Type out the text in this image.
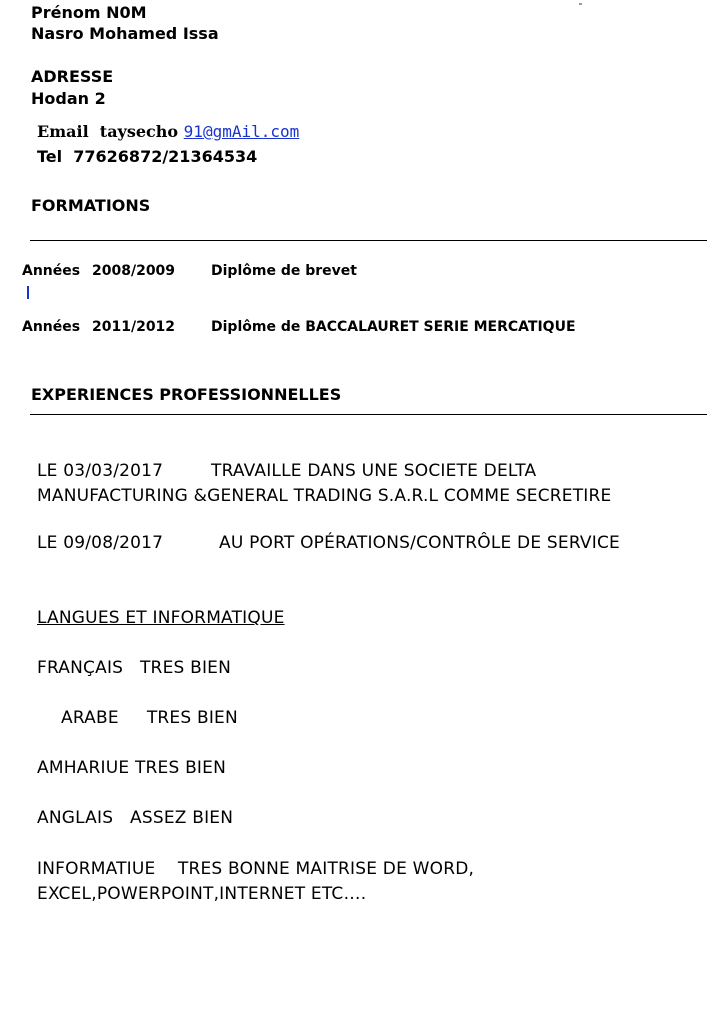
Prénom N0M
Nasro Mohamed Issa
ADRESSE
Hodan 2
Email taysecho 91@gmAil.com
Tel 77626872/21364534
FORMATIONS
Années 2008/2009	Diplôme de brevet
Années 2011/2012	Diplôme de BACCALAURET SERIE MERCATIQUE
EXPERIENCES PROFESSIONNELLES
LE 03/03/2017	TRAVAILLE DANS UNE SOCIETE DELTA
MANUFACTURING &GENERAL TRADING S.A.R.L COMME SECRETIRE
LE 09/08/2017	AU PORT OPÉRATIONS/CONTRÔLE DE SERVICE
LANGUES ET INFORMATIQUE
FRANÇAIS TRES BIEN
ARABE TRES BIEN
AMHARIUE TRES BIEN
ANGLAIS ASSEZ BIEN
INFORMATIUE TRES BONNE MAITRISE DE WORD,
EXCEL,POWERPOINT,INTERNET ETC….
